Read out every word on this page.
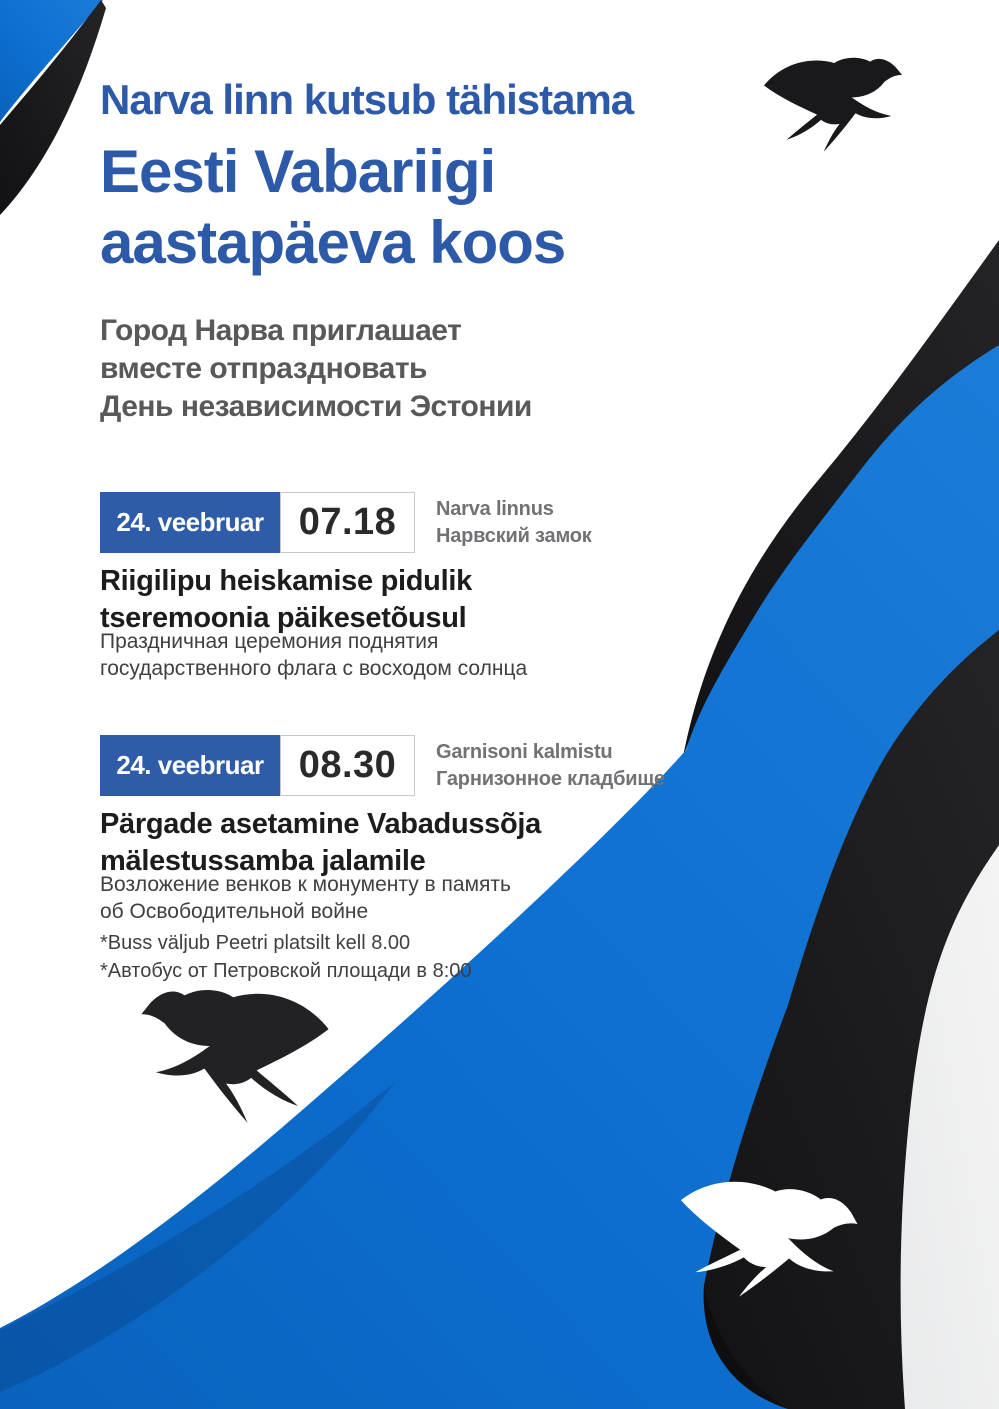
Narva linn kutsub tähistama
Eesti Vabariigi
aastapäeva koos
Город Нарва приглашает
вместе отпраздновать
День независимости Эстонии
24. veebruar 07.18	Narva linnus
Нарвский замок
Riigilipu heiskamise pidulik
tseremoonia päikesetõusul
Праздничная церемония поднятия
государственного флага с восходом солнца
24. veebruar 08.30	Garnisoni kalmistu
Гарнизонное кладбище
Pärgade asetamine Vabadussõja
mälestussamba jalamile
Возложение венков к монументу в память
об Освободительной войне
*Buss väljub Peetri platsilt kell 8.00
*Автобус от Петровской площади в 8:00
